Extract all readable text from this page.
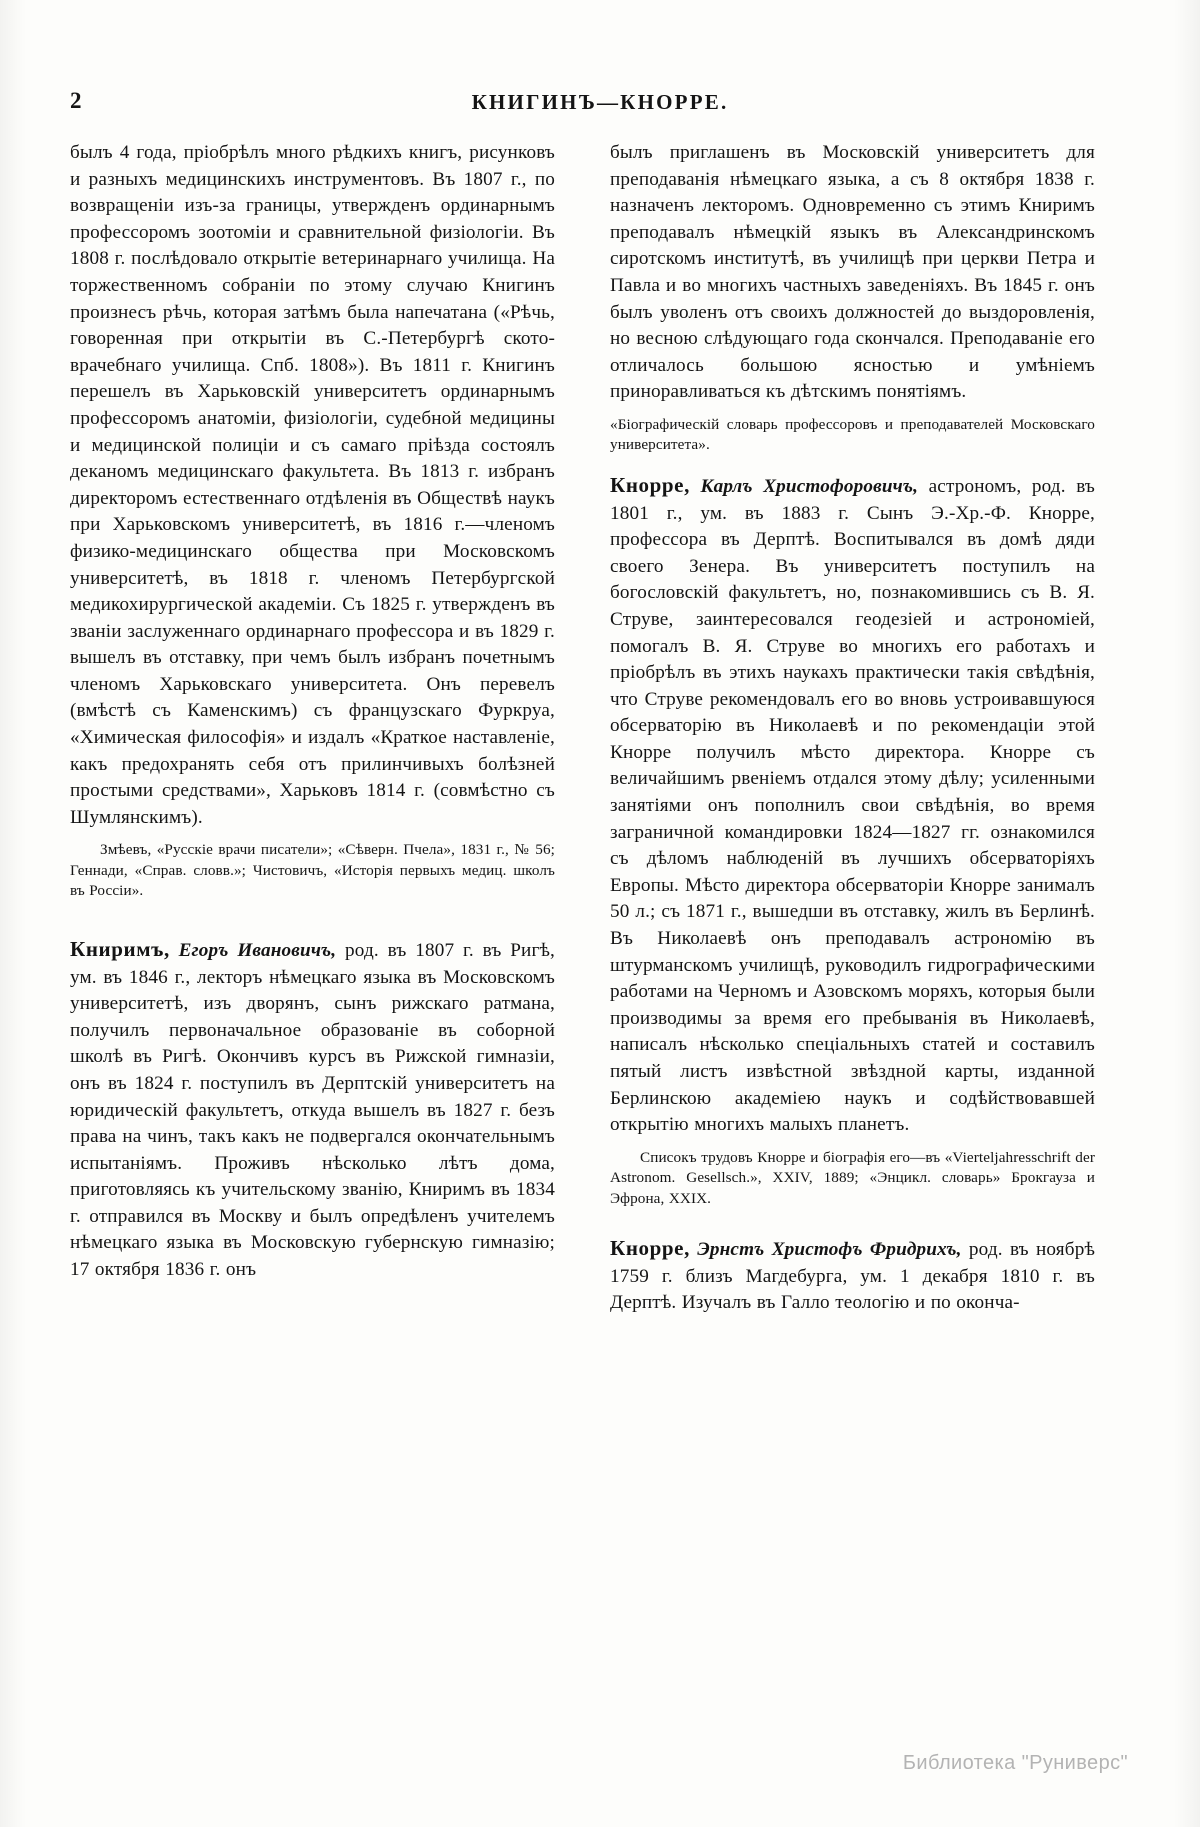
2	КНИГИНЪ—КНОРРЕ.

былъ 4 года, пріобрѣлъ много рѣдкихъ книгъ, рисунковъ и разныхъ медицинскихъ инструментовъ. Въ 1807 г., по возвращеніи изъ-за границы, утвержденъ ординарнымъ профессоромъ зоотоміи и сравнительной физіологіи. Въ 1808 г. послѣдовало открытіе ветеринарнаго училища. На торжественномъ собраніи по этому случаю Книгинъ произнесъ рѣчь, которая затѣмъ была напечатана («Рѣчь, говоренная при открытіи въ С.-Петербургѣ ското-врачебнаго училища. Спб. 1808»). Въ 1811 г. Книгинъ перешелъ въ Харьковскій университетъ ординарнымъ профессоромъ анатоміи, физіологіи, судебной медицины и медицинской полиціи и съ самаго пріѣзда состоялъ деканомъ медицинскаго факультета. Въ 1813 г. избранъ директоромъ естественнаго отдѣленія въ Обществѣ наукъ при Харьковскомъ университетѣ, въ 1816 г.—членомъ физико-медицинскаго общества при Московскомъ университетѣ, въ 1818 г. членомъ Петербургской медикохирургической академіи. Съ 1825 г. утвержденъ въ званіи заслуженнаго ординарнаго профессора и въ 1829 г. вышелъ въ отставку, при чемъ былъ избранъ почетнымъ членомъ Харьковскаго университета. Онъ перевелъ (вмѣстѣ съ Каменскимъ) съ французскаго Фуркруа, «Химическая философія» и издалъ «Краткое наставленіе, какъ предохранять себя отъ прилинчивыхъ болѣзней простыми средствами», Харьковъ 1814 г. (совмѣстно съ Шумлянскимъ).

Змѣевъ, «Русскіе врачи писатели»; «Сѣверн. Пчела», 1831 г., № 56; Геннади, «Справ. словв.»; Чистовичъ, «Исторія первыхъ медиц. школъ въ Россіи».

Книримъ, Егоръ Ивановичъ, род. въ 1807 г. въ Ригѣ, ум. въ 1846 г., лекторъ нѣмецкаго языка въ Московскомъ университетѣ, изъ дворянъ, сынъ рижскаго ратмана, получилъ первоначальное образованіе въ соборной школѣ въ Ригѣ. Окончивъ курсъ въ Рижской гимназіи, онъ въ 1824 г. поступилъ въ Дерптскій университетъ на юридическій факультетъ, откуда вышелъ въ 1827 г. безъ права на чинъ, такъ какъ не подвергался окончательнымъ испытаніямъ. Проживъ нѣсколько лѣтъ дома, приготовляясь къ учительскому званію, Книримъ въ 1834 г. отправился въ Москву и былъ опредѣленъ учителемъ нѣмецкаго языка въ Московскую губернскую гимназію; 17 октября 1836 г. онъ

былъ приглашенъ въ Московскій университетъ для преподаванія нѣмецкаго языка, а съ 8 октября 1838 г. назначенъ лекторомъ. Одновременно съ этимъ Книримъ преподавалъ нѣмецкій языкъ въ Александринскомъ сиротскомъ институтѣ, въ училищѣ при церкви Петра и Павла и во многихъ частныхъ заведеніяхъ. Въ 1845 г. онъ былъ уволенъ отъ своихъ должностей до выздоровленія, но весною слѣдующаго года скончался. Преподаваніе его отличалось большою ясностью и умѣніемъ приноравливаться къ дѣтскимъ понятіямъ.

«Біографическій словарь профессоровъ и преподавателей Московскаго университета».

Кнорре, Карлъ Христофоровичъ, астрономъ, род. въ 1801 г., ум. въ 1883 г. Сынъ Э.-Хр.-Ф. Кнорре, профессора въ Дерптѣ. Воспитывался въ домѣ дяди своего Зенера. Въ университетъ поступилъ на богословскій факультетъ, но, познакомившись съ В. Я. Струве, заинтересовался геодезіей и астрономіей, помогалъ В. Я. Струве во многихъ его работахъ и пріобрѣлъ въ этихъ наукахъ практически такія свѣдѣнія, что Струве рекомендовалъ его во вновь устроивавшуюся обсерваторію въ Николаевѣ и по рекомендаціи этой Кнорре получилъ мѣсто директора. Кнорре съ величайшимъ рвеніемъ отдался этому дѣлу; усиленными занятіями онъ пополнилъ свои свѣдѣнія, во время заграничной командировки 1824—1827 гг. ознакомился съ дѣломъ наблюденій въ лучшихъ обсерваторіяхъ Европы. Мѣсто директора обсерваторіи Кнорре занималъ 50 л.; съ 1871 г., вышедши въ отставку, жилъ въ Берлинѣ. Въ Николаевѣ онъ преподавалъ астрономію въ штурманскомъ училищѣ, руководилъ гидрографическими работами на Черномъ и Азовскомъ моряхъ, которыя были производимы за время его пребыванія въ Николаевѣ, написалъ нѣсколько спеціальныхъ статей и составилъ пятый листъ извѣстной звѣздной карты, изданной Берлинскою академіею наукъ и содѣйствовавшей открытію многихъ малыхъ планетъ.

Списокъ трудовъ Кнорре и біографія его—въ «Vierteljahresschrift der Astronom. Gesellsch.», XXIV, 1889; «Энцикл. словарь» Брокгауза и Эфрона, XXIX.

Кнорре, Эрнстъ Христофъ Фридрихъ, род. въ ноябрѣ 1759 г. близъ Магдебурга, ум. 1 декабря 1810 г. въ Дерптѣ. Изучалъ въ Галло теологію и по оконча-

Библиотека "Руниверс"
